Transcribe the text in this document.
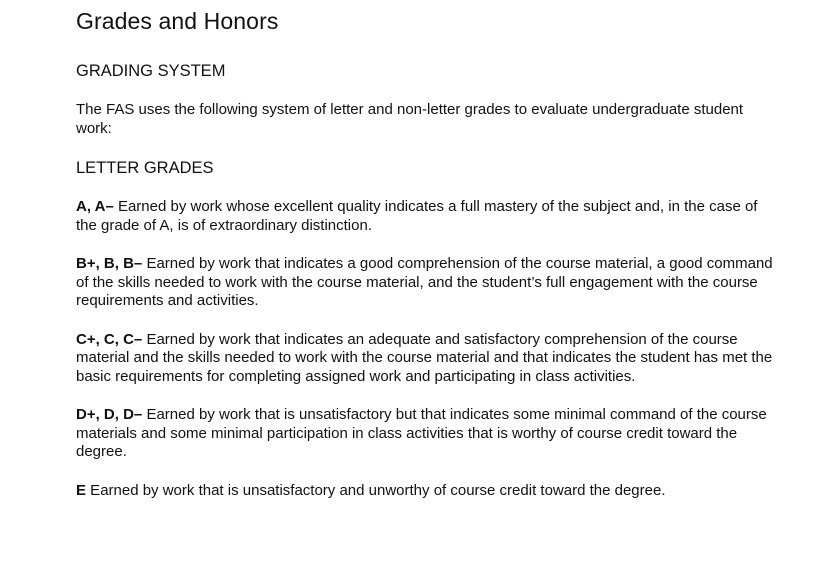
Grades and Honors
GRADING SYSTEM

The FAS uses the following system of letter and non-letter grades to evaluate undergraduate student work:

LETTER GRADES

A, A– Earned by work whose excellent quality indicates a full mastery of the subject and, in the case of the grade of A, is of extraordinary distinction.

B+, B, B– Earned by work that indicates a good comprehension of the course material, a good command of the skills needed to work with the course material, and the student’s full engagement with the course requirements and activities.

C+, C, C– Earned by work that indicates an adequate and satisfactory comprehension of the course material and the skills needed to work with the course material and that indicates the student has met the basic requirements for completing assigned work and participating in class activities.

D+, D, D– Earned by work that is unsatisfactory but that indicates some minimal command of the course materials and some minimal participation in class activities that is worthy of course credit toward the degree.

E Earned by work that is unsatisfactory and unworthy of course credit toward the degree.
